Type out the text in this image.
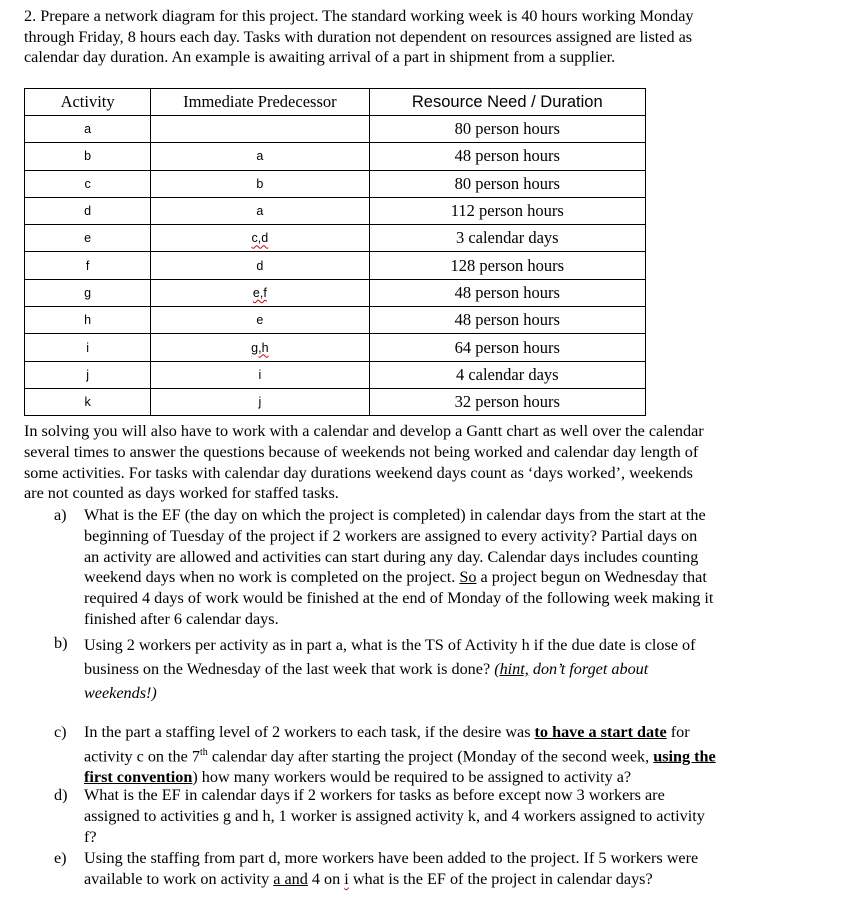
2. Prepare a network diagram for this project. The standard working week is 40 hours working Monday
through Friday, 8 hours each day. Tasks with duration not dependent on resources assigned are listed as
calendar day duration. An example is awaiting arrival of a part in shipment from a supplier.
Activity	Immediate Predecessor	Resource Need / Duration
a		80 person hours
b	a	48 person hours
c	b	80 person hours
d	a	112 person hours
e	c,d	3 calendar days
f	d	128 person hours
g	e,f	48 person hours
h	e	48 person hours
i	g,h	64 person hours
j	i	4 calendar days
k	j	32 person hours
In solving you will also have to work with a calendar and develop a Gantt chart as well over the calendar
several times to answer the questions because of weekends not being worked and calendar day length of
some activities. For tasks with calendar day durations weekend days count as ‘days worked’, weekends
are not counted as days worked for staffed tasks.
a) What is the EF (the day on which the project is completed) in calendar days from the start at the
beginning of Tuesday of the project if 2 workers are assigned to every activity? Partial days on
an activity are allowed and activities can start during any day. Calendar days includes counting
weekend days when no work is completed on the project. So a project begun on Wednesday that
required 4 days of work would be finished at the end of Monday of the following week making it
finished after 6 calendar days.
b) Using 2 workers per activity as in part a, what is the TS of Activity h if the due date is close of
business on the Wednesday of the last week that work is done? (hint, don’t forget about
weekends!)
c) In the part a staffing level of 2 workers to each task, if the desire was to have a start date for
activity c on the 7th calendar day after starting the project (Monday of the second week, using the
first convention) how many workers would be required to be assigned to activity a?
d) What is the EF in calendar days if 2 workers for tasks as before except now 3 workers are
assigned to activities g and h, 1 worker is assigned activity k, and 4 workers assigned to activity
f?
e) Using the staffing from part d, more workers have been added to the project. If 5 workers were
available to work on activity a and 4 on i what is the EF of the project in calendar days?
